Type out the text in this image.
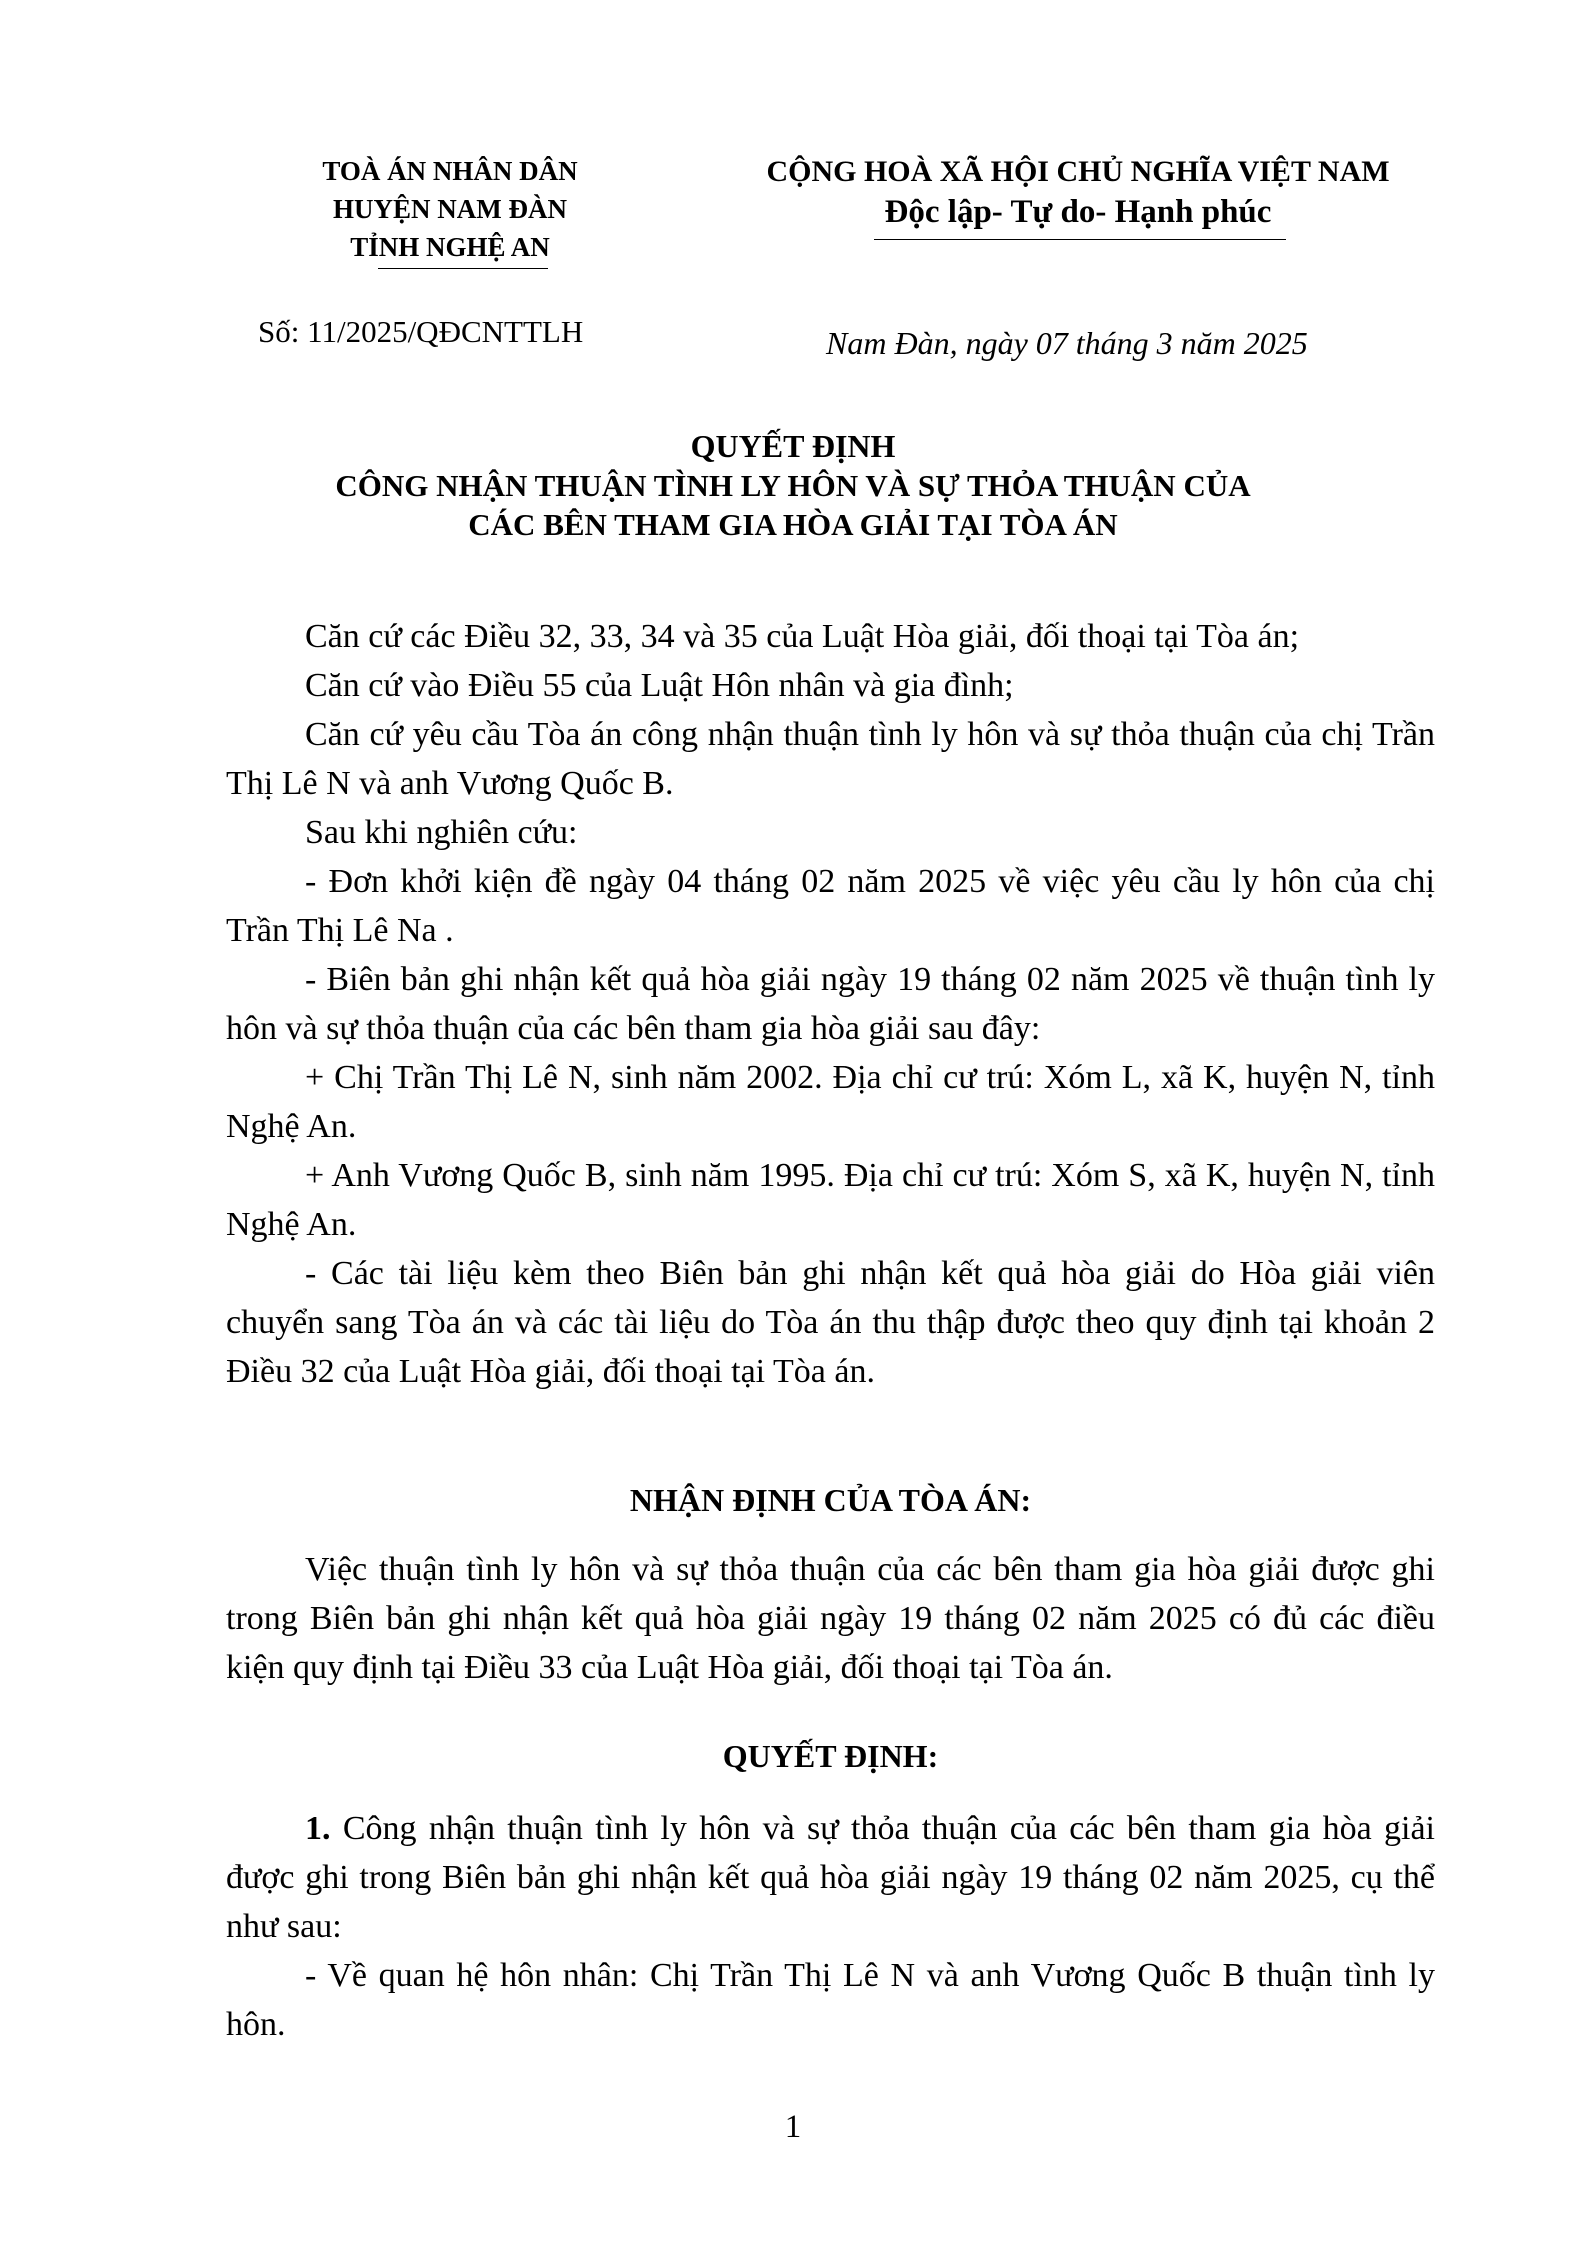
TOÀ ÁN NHÂN DÂN
HUYỆN NAM ĐÀN
TỈNH NGHỆ AN
CỘNG HOÀ XÃ HỘI CHỦ NGHĨA VIỆT NAM
Độc lập- Tự do- Hạnh phúc
Số: 11/2025/QĐCNTTLH	Nam Đàn, ngày 07 tháng 3 năm 2025
QUYẾT ĐỊNH
CÔNG NHẬN THUẬN TÌNH LY HÔN VÀ SỰ THỎA THUẬN CỦA
CÁC BÊN THAM GIA HÒA GIẢI TẠI TÒA ÁN
Căn cứ các Điều 32, 33, 34 và 35 của Luật Hòa giải, đối thoại tại Tòa án;
Căn cứ vào Điều 55 của Luật Hôn nhân và gia đình;
Căn cứ yêu cầu Tòa án công nhận thuận tình ly hôn và sự thỏa thuận của chị Trần Thị Lê N và anh Vương Quốc B.
Sau khi nghiên cứu:
- Đơn khởi kiện đề ngày 04 tháng 02 năm 2025 về việc yêu cầu ly hôn của chị Trần Thị Lê Na .
- Biên bản ghi nhận kết quả hòa giải ngày 19 tháng 02 năm 2025 về thuận tình ly hôn và sự thỏa thuận của các bên tham gia hòa giải sau đây:
+ Chị Trần Thị Lê N, sinh năm 2002. Địa chỉ cư trú: Xóm L, xã K, huyện N, tỉnh Nghệ An.
+ Anh Vương Quốc B, sinh năm 1995. Địa chỉ cư trú: Xóm S, xã K, huyện N, tỉnh Nghệ An.
- Các tài liệu kèm theo Biên bản ghi nhận kết quả hòa giải do Hòa giải viên chuyển sang Tòa án và các tài liệu do Tòa án thu thập được theo quy định tại khoản 2 Điều 32 của Luật Hòa giải, đối thoại tại Tòa án.
NHẬN ĐỊNH CỦA TÒA ÁN:
Việc thuận tình ly hôn và sự thỏa thuận của các bên tham gia hòa giải được ghi trong Biên bản ghi nhận kết quả hòa giải ngày 19 tháng 02 năm 2025 có đủ các điều kiện quy định tại Điều 33 của Luật Hòa giải, đối thoại tại Tòa án.
QUYẾT ĐỊNH:
1. Công nhận thuận tình ly hôn và sự thỏa thuận của các bên tham gia hòa giải được ghi trong Biên bản ghi nhận kết quả hòa giải ngày 19 tháng 02 năm 2025, cụ thể như sau:
- Về quan hệ hôn nhân: Chị Trần Thị Lê N và anh Vương Quốc B thuận tình ly hôn.
1
